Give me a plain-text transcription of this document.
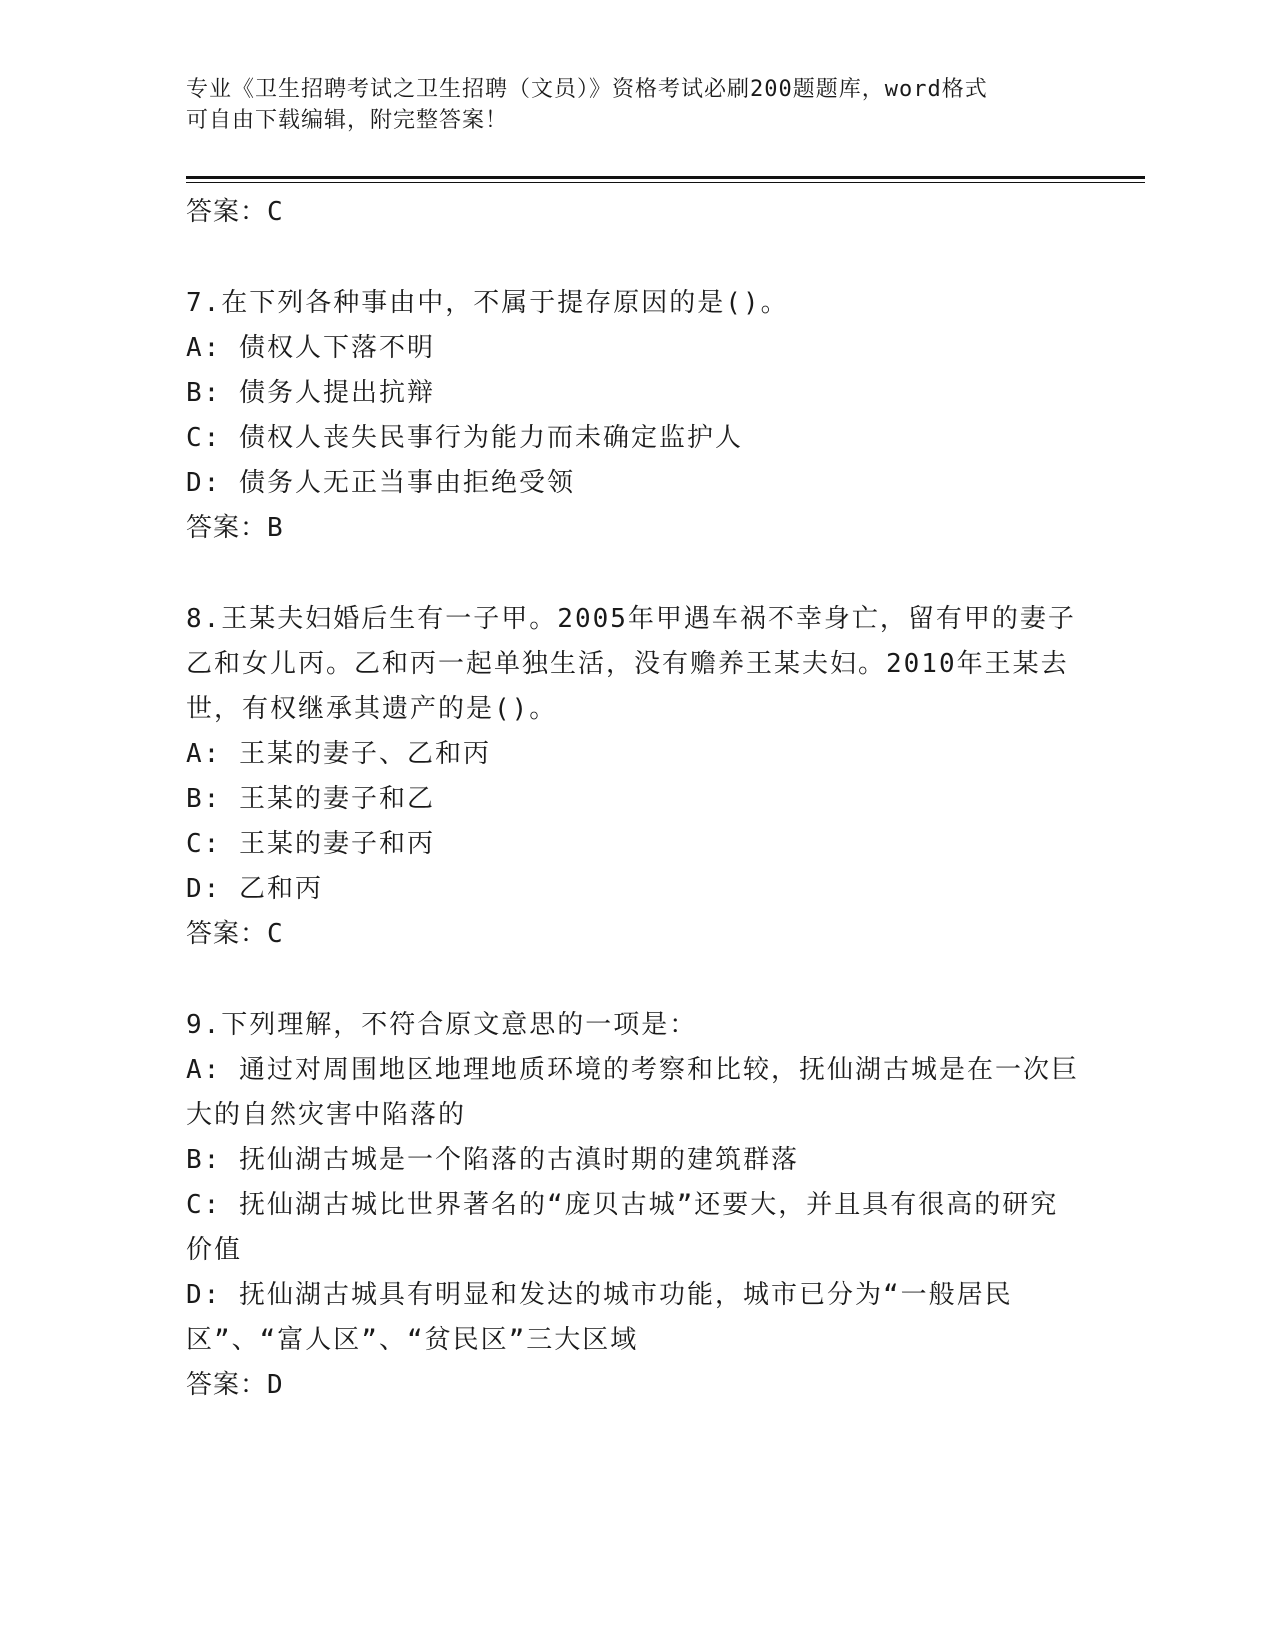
专业《卫生招聘考试之卫生招聘（文员）》资格考试必刷200题题库，word格式
可自由下载编辑，附完整答案！
答案：C
7.在下列各种事由中，不属于提存原因的是()。
A: 债权人下落不明
B: 债务人提出抗辩
C: 债权人丧失民事行为能力而未确定监护人
D: 债务人无正当事由拒绝受领
答案：B
8.王某夫妇婚后生有一子甲。2005年甲遇车祸不幸身亡，留有甲的妻子乙和女儿丙。乙和丙一起单独生活，没有赡养王某夫妇。2010年王某去世，有权继承其遗产的是()。
A: 王某的妻子、乙和丙
B: 王某的妻子和乙
C: 王某的妻子和丙
D: 乙和丙
答案：C
9.下列理解，不符合原文意思的一项是：
A: 通过对周围地区地理地质环境的考察和比较，抚仙湖古城是在一次巨大的自然灾害中陷落的
B: 抚仙湖古城是一个陷落的古滇时期的建筑群落
C: 抚仙湖古城比世界著名的“庞贝古城”还要大，并且具有很高的研究价值
D: 抚仙湖古城具有明显和发达的城市功能，城市已分为“一般居民区”、“富人区”、“贫民区”三大区域
答案：D
